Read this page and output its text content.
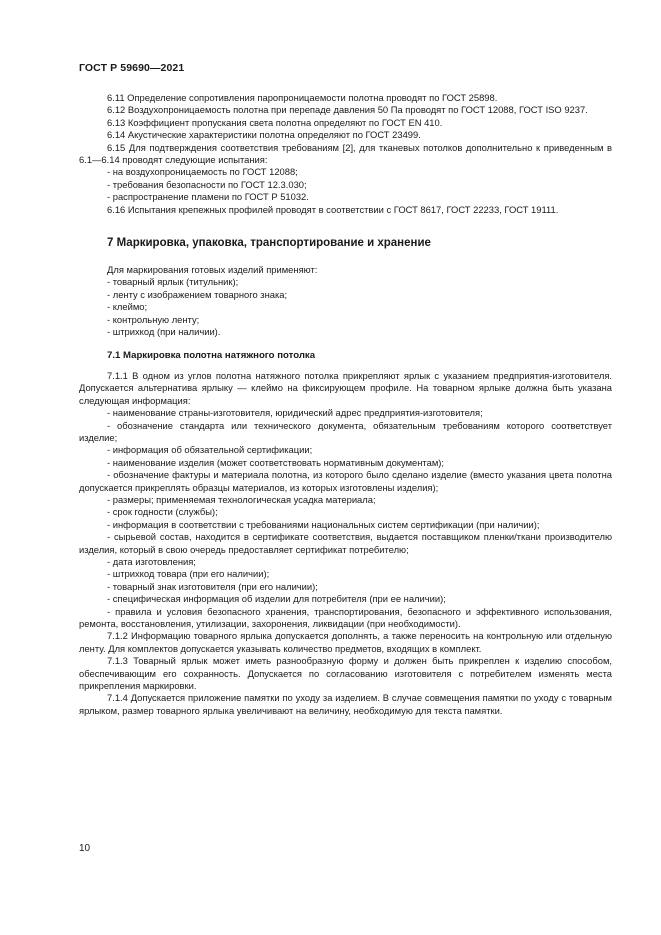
ГОСТ Р 59690—2021

6.11 Определение сопротивления паропроницаемости полотна проводят по ГОСТ 25898.

6.12 Воздухопроницаемость полотна при перепаде давления 50 Па проводят по ГОСТ 12088, ГОСТ ISO 9237.

6.13 Коэффициент пропускания света полотна определяют по ГОСТ EN 410.

6.14 Акустические характеристики полотна определяют по ГОСТ 23499.

6.15 Для подтверждения соответствия требованиям [2], для тканевых потолков дополнительно к приведенным в 6.1—6.14 проводят следующие испытания:

- на воздухопроницаемость по ГОСТ 12088;

- требования безопасности по ГОСТ 12.3.030;

- распространение пламени по ГОСТ Р 51032.

6.16 Испытания крепежных профилей проводят в соответствии с ГОСТ 8617, ГОСТ 22233, ГОСТ 19111.

7 Маркировка, упаковка, транспортирование и хранение

Для маркирования готовых изделий применяют:

- товарный ярлык (титульник);

- ленту с изображением товарного знака;

- клеймо;

- контрольную ленту;

- штрихкод (при наличии).

7.1 Маркировка полотна натяжного потолка

7.1.1 В одном из углов полотна натяжного потолка прикрепляют ярлык с указанием предприятия-изготовителя. Допускается альтернатива ярлыку — клеймо на фиксирующем профиле. На товарном ярлыке должна быть указана следующая информация:

- наименование страны-изготовителя, юридический адрес предприятия-изготовителя;

- обозначение стандарта или технического документа, обязательным требованиям которого соответствует изделие;

- информация об обязательной сертификации;

- наименование изделия (может соответствовать нормативным документам);

- обозначение фактуры и материала полотна, из которого было сделано изделие (вместо указания цвета полотна допускается прикреплять образцы материалов, из которых изготовлены изделия);

- размеры; применяемая технологическая усадка материала;

- срок годности (службы);

- информация в соответствии с требованиями национальных систем сертификации (при наличии);

- сырьевой состав, находится в сертификате соответствия, выдается поставщиком пленки/ткани производителю изделия, который в свою очередь предоставляет сертификат потребителю;

- дата изготовления;

- штрихкод товара (при его наличии);

- товарный знак изготовителя (при его наличии);

- специфическая информация об изделии для потребителя (при ее наличии);

- правила и условия безопасного хранения, транспортирования, безопасного и эффективного использования, ремонта, восстановления, утилизации, захоронения, ликвидации (при необходимости).

7.1.2 Информацию товарного ярлыка допускается дополнять, а также переносить на контрольную или отдельную ленту. Для комплектов допускается указывать количество предметов, входящих в комплект.

7.1.3 Товарный ярлык может иметь разнообразную форму и должен быть прикреплен к изделию способом, обеспечивающим его сохранность. Допускается по согласованию изготовителя с потребителем изменять места прикрепления маркировки.

7.1.4 Допускается приложение памятки по уходу за изделием. В случае совмещения памятки по уходу с товарным ярлыком, размер товарного ярлыка увеличивают на величину, необходимую для текста памятки.

10
